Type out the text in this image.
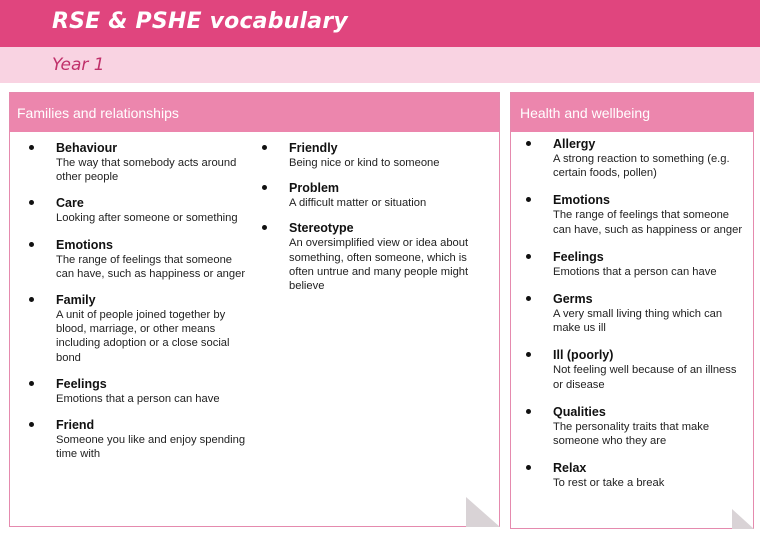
RSE & PSHE vocabulary
Year 1
Families and relationships
Behaviour
The way that somebody acts around other people
Care
Looking after someone or something
Emotions
The range of feelings that someone can have, such as happiness or anger
Family
A unit of people joined together by blood, marriage, or other means including adoption or a close social bond
Feelings
Emotions that a person can have
Friend
Someone you like and enjoy spending time with
Friendly
Being nice or kind to someone
Problem
A difficult matter or situation
Stereotype
An oversimplified view or idea about something, often someone, which is often untrue and many people might believe
Health and wellbeing
Allergy
A strong reaction to something (e.g. certain foods, pollen)
Emotions
The range of feelings that someone can have, such as happiness or anger
Feelings
Emotions that a person can have
Germs
A very small living thing which can make us ill
Ill (poorly)
Not feeling well because of an illness or disease
Qualities
The personality traits that make someone who they are
Relax
To rest or take a break
